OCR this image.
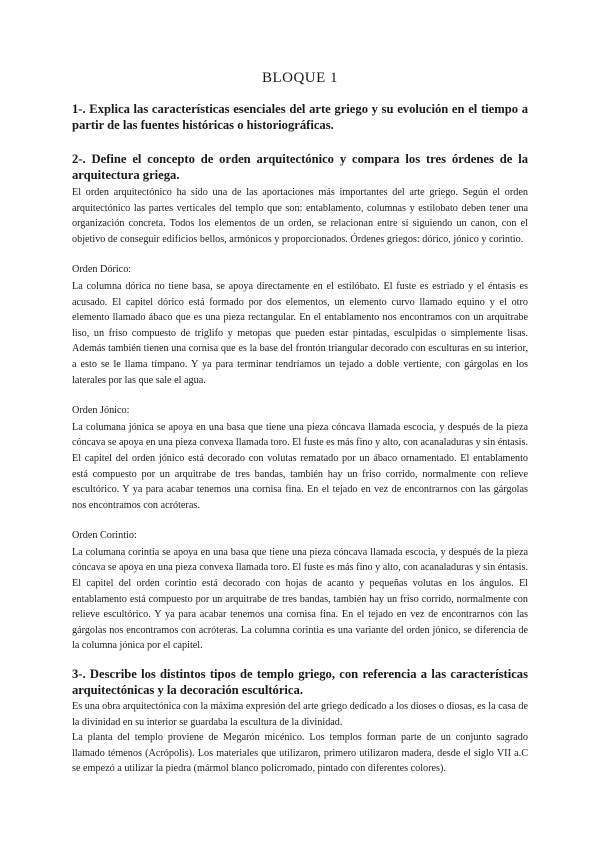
BLOQUE 1

1-. Explica las características esenciales del arte griego y su evolución en el tiempo a partir de las fuentes históricas o historiográficas.

2-. Define el concepto de orden arquitectónico y compara los tres órdenes de la arquitectura griega.

El orden arquitectónico ha sido una de las aportaciones más importantes del arte griego. Según el orden arquitectónico las partes verticales del templo que son: entablamento, columnas y estilobato deben tener una organización concreta. Todos los elementos de un orden, se relacionan entre sí siguiendo un canon, con el objetivo de conseguir edificios bellos, armónicos y proporcionados. Órdenes griegos: dórico, jónico y corintio.

Orden Dórico:

La columna dórica no tiene basa, se apoya directamente en el estilóbato. El fuste es estriado y el éntasis es acusado. El capitel dórico está formado por dos elementos, un elemento curvo llamado equino y el otro elemento llamado ábaco que es una pieza rectangular. En el entablamento nos encontramos con un arquitrabe liso, un friso compuesto de triglifo y metopas que pueden estar pintadas, esculpidas o simplemente lisas. Además también tienen una cornisa que es la base del frontón triangular decorado con esculturas en su interior, a esto se le llama tímpano. Y ya para terminar tendríamos un tejado a doble vertiente, con gárgolas en los laterales por las que sale el agua.

Orden Jónico:

La columana jónica se apoya en una basa que tiene una pieza cóncava llamada escocia, y después de la pieza cóncava se apoya en una pieza convexa llamada toro. El fuste es más fino y alto, con acanaladuras y sin éntasis. El capitel del orden jónico está decorado con volutas rematado por un ábaco ornamentado. El entablamento está compuesto por un arquitrabe de tres bandas, también hay un friso corrido, normalmente con relieve escultórico. Y ya para acabar tenemos una cornisa fina. En el tejado en vez de encontrarnos con las gárgolas nos encontramos con acróteras.

Orden Corintio:

La columana corintia se apoya en una basa que tiene una pieza cóncava llamada escocia, y después de la pieza cóncava se apoya en una pieza convexa llamada toro. El fuste es más fino y alto, con acanaladuras y sin éntasis. El capitel del orden corintio está decorado con hojas de acanto y pequeñas volutas en los ángulos. El entablamento está compuesto por un arquitrabe de tres bandas, también hay un friso corrido, normalmente con relieve escultórico. Y ya para acabar tenemos una cornisa fina. En el tejado en vez de encontrarnos con las gárgolas nos encontramos con acróteras. La columna corintia es una variante del orden jónico, se diferencia de la columna jónica por el capitel.

3-. Describe los distintos tipos de templo griego, con referencia a las características arquitectónicas y la decoración escultórica.

Es una obra arquitectónica con la máxima expresión del arte griego dedicado a los dioses o diosas, es la casa de la divinidad en su interior se guardaba la escultura de la divinidad.

La planta del templo proviene de Megarón micénico. Los templos forman parte de un conjunto sagrado llamado témenos (Acrópolis). Los materiales que utilizaron, primero utilizaron madera, desde el siglo VII a.C se empezó a utilizar la piedra (mármol blanco policromado, pintado con diferentes colores).
